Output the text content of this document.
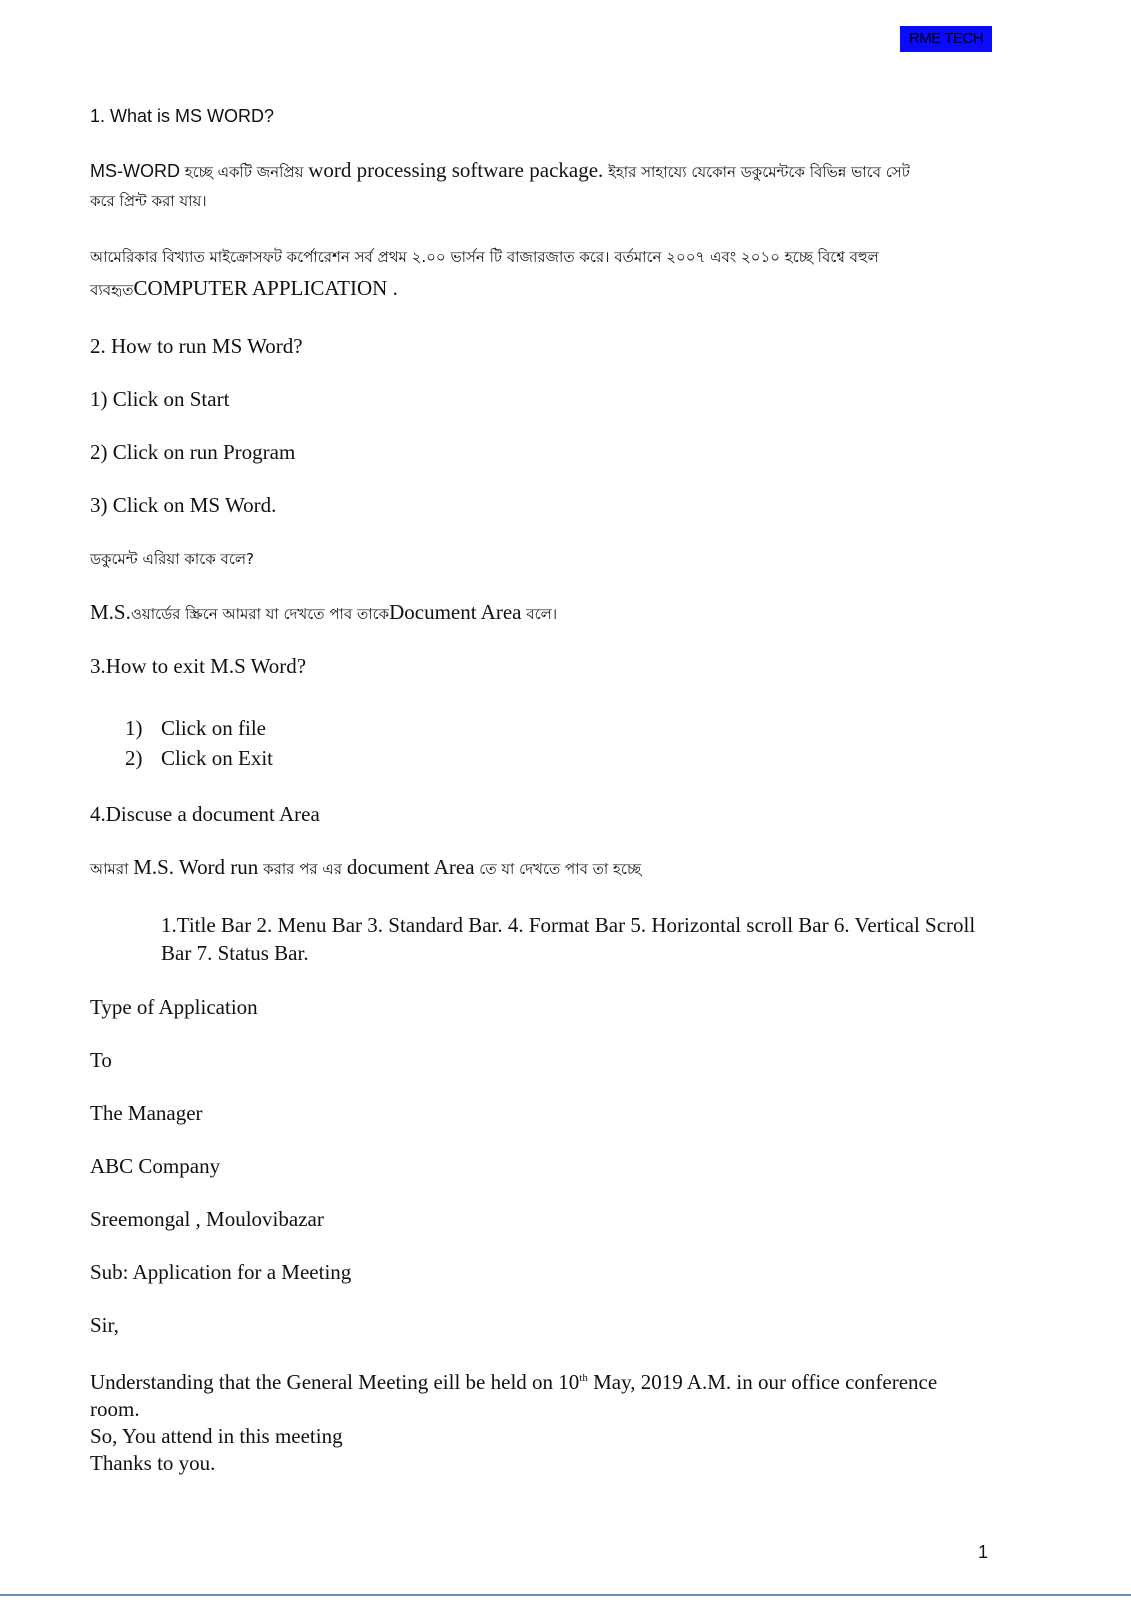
RME TECH
1. What is MS WORD?
MS-WORD হচ্ছে একটি জনপ্রিয় word processing software package. ইহার সাহায্যে যেকোন ডকুমেন্টকে বিভিন্ন ভাবে সেট
করে প্রিন্ট করা যায়।
আমেরিকার বিখ্যাত মাইক্রোসফট কর্পোরেশন সর্ব প্রথম ২.০০ ভার্সন টি বাজারজাত করে। বর্তমানে ২০০৭ এবং ২০১০ হচ্ছে বিশ্বে বহুল
ব্যবহৃতCOMPUTER APPLICATION .
2. How to run MS Word?
1) Click on Start
2) Click on run Program
3) Click on MS Word.
ডকুমেন্ট এরিয়া কাকে বলে?
M.S.ওয়ার্ডের স্ক্রিনে আমরা যা দেখতে পাব তাকেDocument Area বলে।
3.How to exit M.S Word?
1) Click on file
2) Click on Exit
4.Discuse a document Area
আমরা M.S. Word run করার পর এর document Area তে যা দেখতে পাব তা হচ্ছে
1.Title Bar 2. Menu Bar 3. Standard Bar. 4. Format Bar 5. Horizontal scroll Bar 6. Vertical Scroll Bar 7. Status Bar.
Type of Application
To
The Manager
ABC Company
Sreemongal , Moulovibazar
Sub: Application for a Meeting
Sir,
Understanding that the General Meeting eill be held on 10th May, 2019 A.M. in our office conference
room.
So, You attend in this meeting
Thanks to you.
1
